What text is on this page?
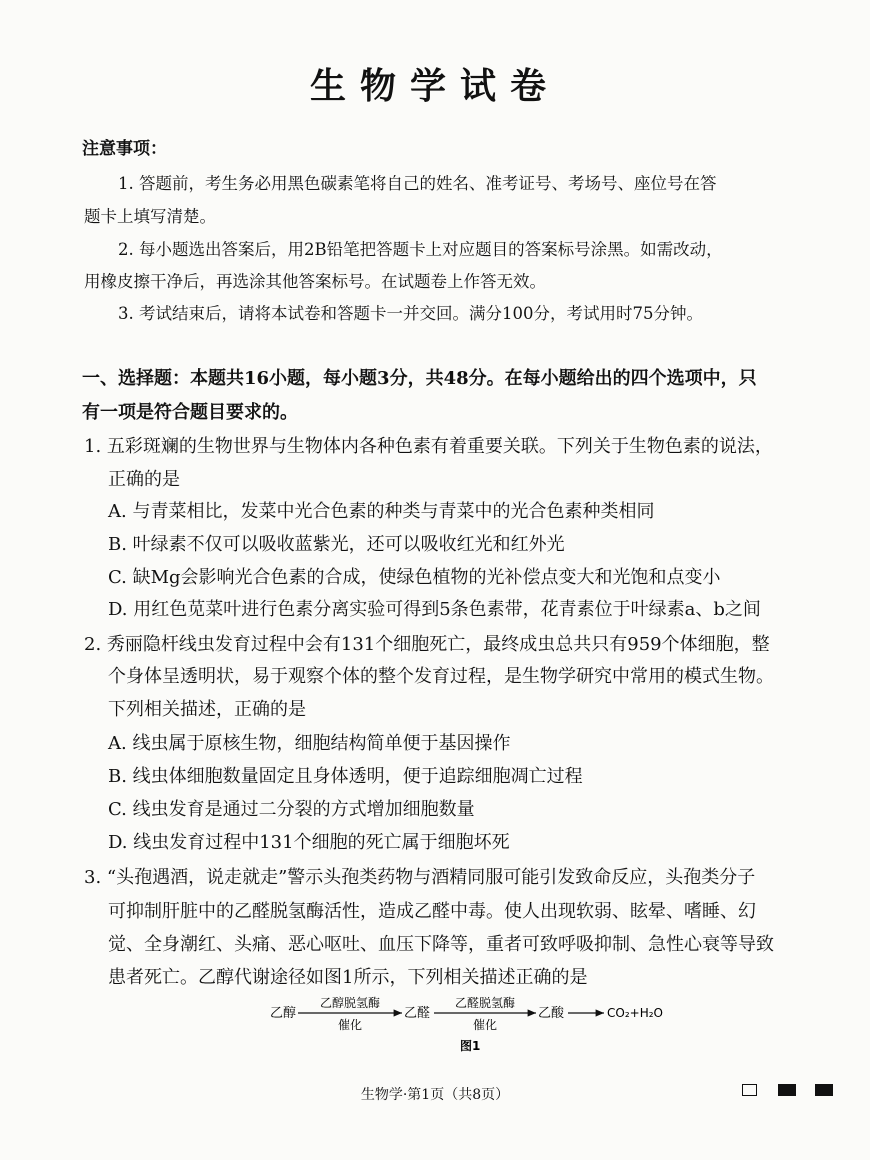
生物学试卷
注意事项：
1. 答题前，考生务必用黑色碳素笔将自己的姓名、准考证号、考场号、座位号在答
题卡上填写清楚。
2. 每小题选出答案后，用2B铅笔把答题卡上对应题目的答案标号涂黑。如需改动，
用橡皮擦干净后，再选涂其他答案标号。在试题卷上作答无效。
3. 考试结束后，请将本试卷和答题卡一并交回。满分100分，考试用时75分钟。
一、选择题：本题共16小题，每小题3分，共48分。在每小题给出的四个选项中，只
有一项是符合题目要求的。
1. 五彩斑斓的生物世界与生物体内各种色素有着重要关联。下列关于生物色素的说法，
正确的是
A. 与青菜相比，发菜中光合色素的种类与青菜中的光合色素种类相同
B. 叶绿素不仅可以吸收蓝紫光，还可以吸收红光和红外光
C. 缺Mg会影响光合色素的合成，使绿色植物的光补偿点变大和光饱和点变小
D. 用红色苋菜叶进行色素分离实验可得到5条色素带，花青素位于叶绿素a、b之间
2. 秀丽隐杆线虫发育过程中会有131个细胞死亡，最终成虫总共只有959个体细胞，整
个身体呈透明状，易于观察个体的整个发育过程，是生物学研究中常用的模式生物。
下列相关描述，正确的是
A. 线虫属于原核生物，细胞结构简单便于基因操作
B. 线虫体细胞数量固定且身体透明，便于追踪细胞凋亡过程
C. 线虫发育是通过二分裂的方式增加细胞数量
D. 线虫发育过程中131个细胞的死亡属于细胞坏死
3. “头孢遇酒，说走就走”警示头孢类药物与酒精同服可能引发致命反应，头孢类分子
可抑制肝脏中的乙醛脱氢酶活性，造成乙醛中毒。使人出现软弱、眩晕、嗜睡、幻
觉、全身潮红、头痛、恶心呕吐、血压下降等，重者可致呼吸抑制、急性心衰等导致
患者死亡。乙醇代谢途径如图1所示，下列相关描述正确的是
乙醇
乙醇脱氢酶
催化
乙醛
乙醛脱氢酶
催化
乙酸	CO₂+H₂O
图1
生物学·第1页（共8页）
